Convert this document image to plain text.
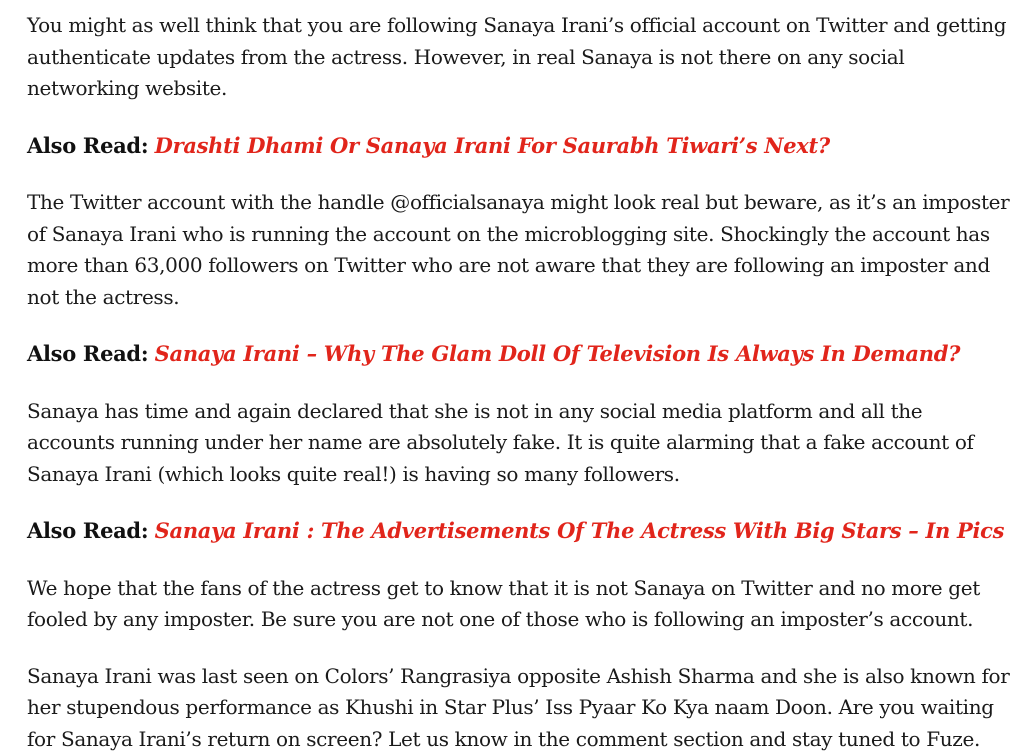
You might as well think that you are following Sanaya Irani’s official account on Twitter and getting authenticate updates from the actress. However, in real Sanaya is not there on any social networking website.

Also Read: Drashti Dhami Or Sanaya Irani For Saurabh Tiwari’s Next?

The Twitter account with the handle @officialsanaya might look real but beware, as it’s an imposter of Sanaya Irani who is running the account on the microblogging site. Shockingly the account has more than 63,000 followers on Twitter who are not aware that they are following an imposter and not the actress.

Also Read: Sanaya Irani – Why The Glam Doll Of Television Is Always In Demand?

Sanaya has time and again declared that she is not in any social media platform and all the accounts running under her name are absolutely fake. It is quite alarming that a fake account of Sanaya Irani (which looks quite real!) is having so many followers.

Also Read: Sanaya Irani : The Advertisements Of The Actress With Big Stars – In Pics

We hope that the fans of the actress get to know that it is not Sanaya on Twitter and no more get fooled by any imposter. Be sure you are not one of those who is following an imposter’s account.

Sanaya Irani was last seen on Colors’ Rangrasiya opposite Ashish Sharma and she is also known for her stupendous performance as Khushi in Star Plus’ Iss Pyaar Ko Kya naam Doon. Are you waiting for Sanaya Irani’s return on screen? Let us know in the comment section and stay tuned to Fuze.
